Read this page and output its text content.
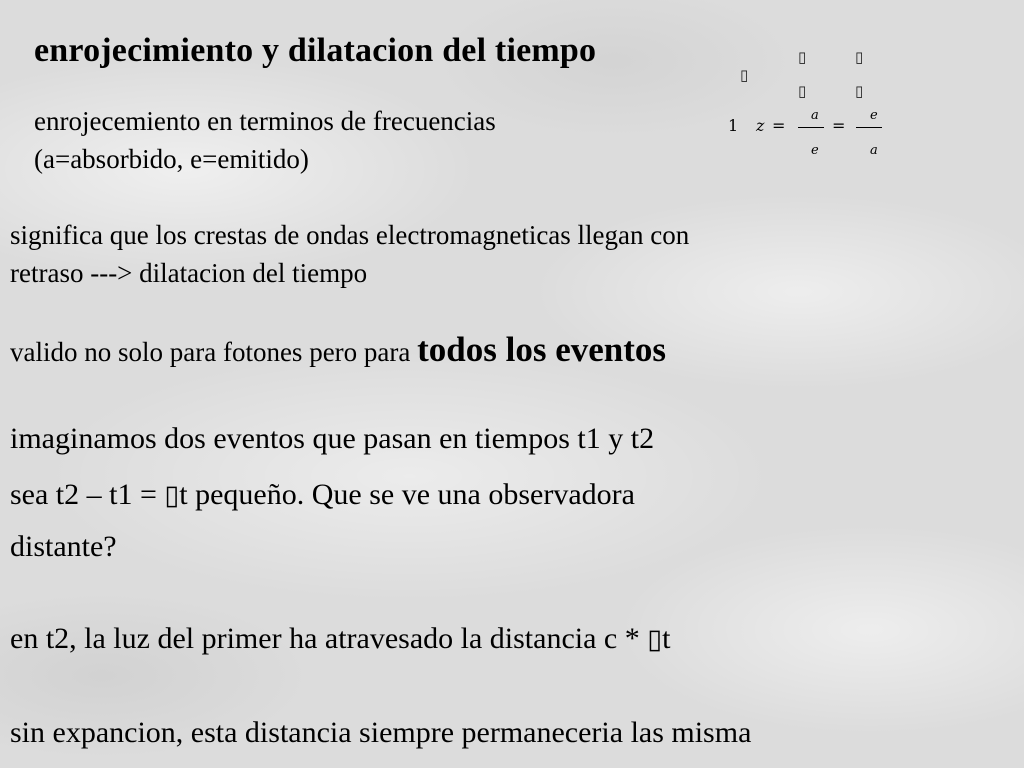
enrojecimiento y dilatacion del tiempo
enrojecemiento en terminos de frecuencias
(a=absorbido, e=emitido)
▯	▯
▯
▯	▯
1 z =
a
e
=
e
a
significa que los crestas de ondas electromagneticas llegan con
retraso ---> dilatacion del tiempo
valido no solo para fotones pero para todos los eventos
imaginamos dos eventos que pasan en tiempos t1 y t2
sea t2 – t1 = ▯t pequeño. Que se ve una observadora
distante?
en t2, la luz del primer ha atravesado la distancia c * ▯t
sin expancion, esta distancia siempre permaneceria las misma
